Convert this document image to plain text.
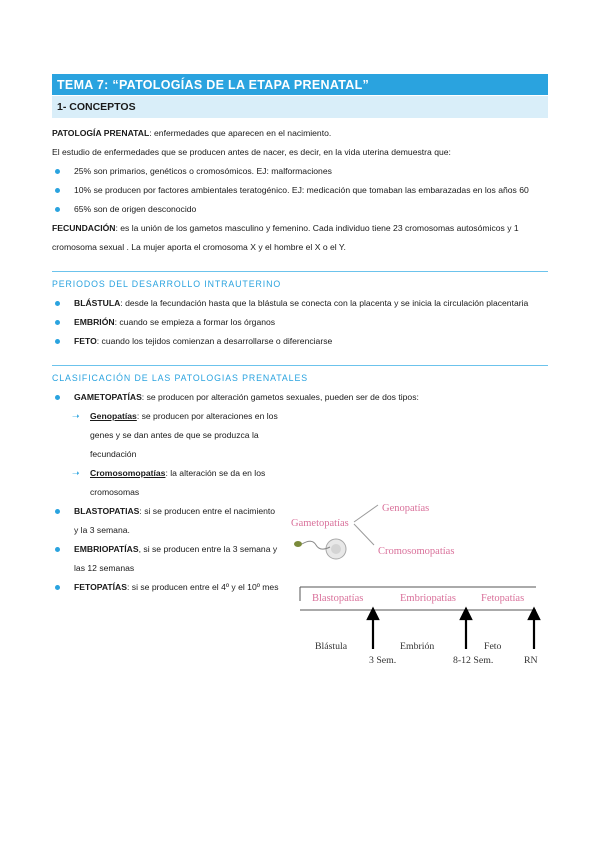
TEMA 7: “PATOLOGÍAS DE LA ETAPA PRENATAL”
1- CONCEPTOS

PATOLOGÍA PRENATAL: enfermedades que aparecen en el nacimiento.

El estudio de enfermedades que se producen antes de nacer, es decir, en la vida uterina demuestra que:

25% son primarios, genéticos o cromosómicos. EJ: malformaciones
10% se producen por factores ambientales teratogénico. EJ: medicación que tomaban las embarazadas en los años 60
65% son de origen desconocido

FECUNDACIÓN: es la unión de los gametos masculino y femenino. Cada individuo tiene 23 cromosomas autosómicos y 1 cromosoma sexual . La mujer aporta el cromosoma X y el hombre el X o el Y.

PERIODOS DEL DESARROLLO INTRAUTERINO
BLÁSTULA: desde la fecundación hasta que la blástula se conecta con la placenta y se inicia la circulación placentaria
EMBRIÓN: cuando se empieza a formar los órganos
FETO: cuando los tejidos comienzan a desarrollarse o diferenciarse
CLASIFICACIÓN DE LAS PATOLOGIAS PRENATALES
GAMETOPATÍAS: se producen por alteración gametos sexuales, pueden ser de dos tipos:
➝ Genopatías: se producen por alteraciones en los genes y se dan antes de que se produzca la fecundación
➝ Cromosomopatías: la alteración se da en los cromosomas
BLASTOPATIAS: si se producen entre el nacimiento y la 3 semana.
EMBRIOPATÍAS, si se producen entre la 3 semana y las 12 semanas
FETOPATÍAS: si se producen entre el 4º y el 10º mes
Gametopatías
Genopatías
Cromosomopatías
Blastopatías	Embriopatías Fetopatías
Blástula	Embrión	Feto
3 Sem.	8-12 Sem.	RN
